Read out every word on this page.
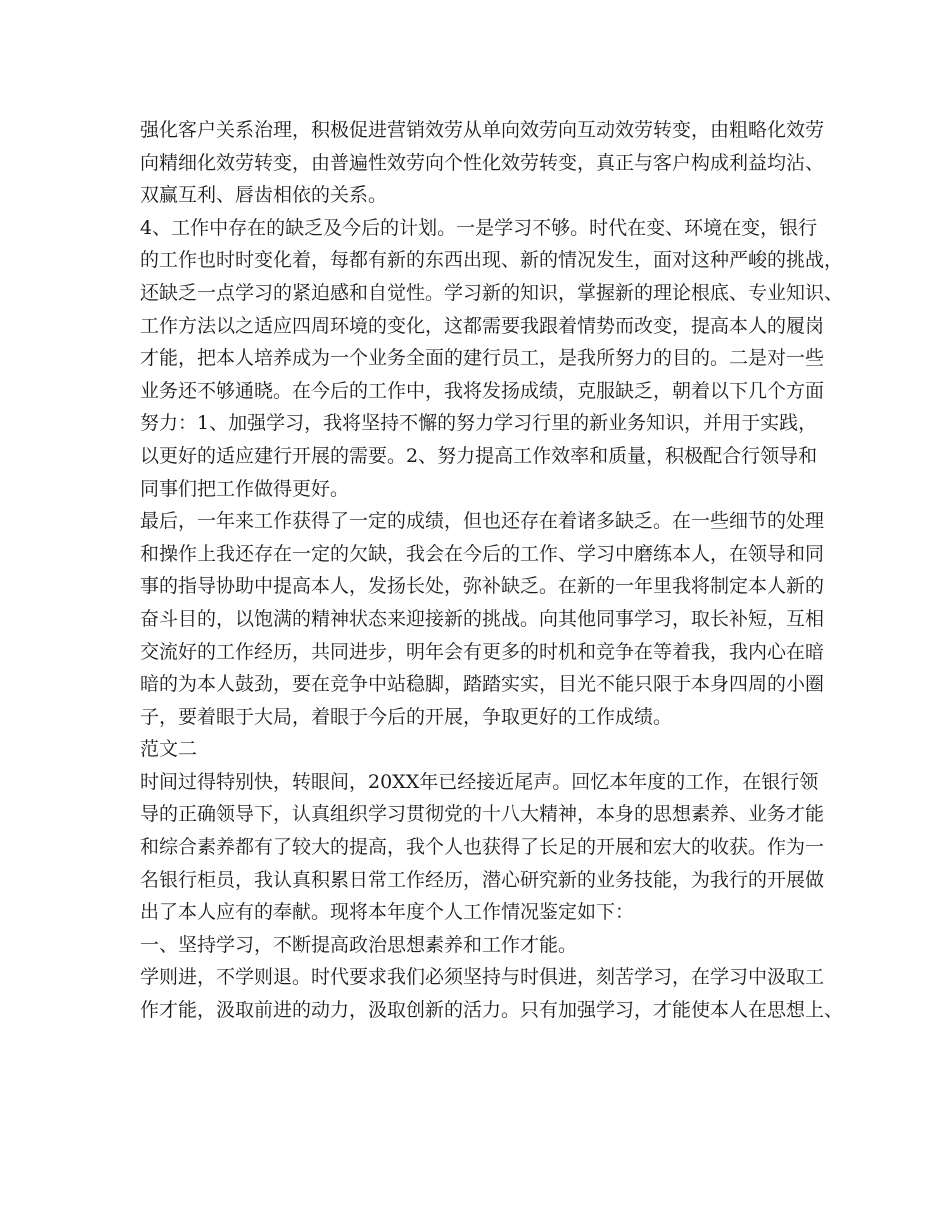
强化客户关系治理，积极促进营销效劳从单向效劳向互动效劳转变，由粗略化效劳
向精细化效劳转变，由普遍性效劳向个性化效劳转变，真正与客户构成利益均沾、
双赢互利、唇齿相依的关系。
4、工作中存在的缺乏及今后的计划。一是学习不够。时代在变、环境在变，银行
的工作也时时变化着，每都有新的东西出现、新的情况发生，面对这种严峻的挑战，
还缺乏一点学习的紧迫感和自觉性。学习新的知识，掌握新的理论根底、专业知识、
工作方法以之适应四周环境的变化，这都需要我跟着情势而改变，提高本人的履岗
才能，把本人培养成为一个业务全面的建行员工，是我所努力的目的。二是对一些
业务还不够通晓。在今后的工作中，我将发扬成绩，克服缺乏，朝着以下几个方面
努力：1、加强学习，我将坚持不懈的努力学习行里的新业务知识，并用于实践，
以更好的适应建行开展的需要。2、努力提高工作效率和质量，积极配合行领导和
同事们把工作做得更好。
最后，一年来工作获得了一定的成绩，但也还存在着诸多缺乏。在一些细节的处理
和操作上我还存在一定的欠缺，我会在今后的工作、学习中磨练本人，在领导和同
事的指导协助中提高本人，发扬长处，弥补缺乏。在新的一年里我将制定本人新的
奋斗目的，以饱满的精神状态来迎接新的挑战。向其他同事学习，取长补短，互相
交流好的工作经历，共同进步，明年会有更多的时机和竞争在等着我，我内心在暗
暗的为本人鼓劲，要在竞争中站稳脚，踏踏实实，目光不能只限于本身四周的小圈
子，要着眼于大局，着眼于今后的开展，争取更好的工作成绩。
范文二
时间过得特别快，转眼间，20XX年已经接近尾声。回忆本年度的工作，在银行领
导的正确领导下，认真组织学习贯彻党的十八大精神，本身的思想素养、业务才能
和综合素养都有了较大的提高，我个人也获得了长足的开展和宏大的收获。作为一
名银行柜员，我认真积累日常工作经历，潜心研究新的业务技能，为我行的开展做
出了本人应有的奉献。现将本年度个人工作情况鉴定如下：
一、坚持学习，不断提高政治思想素养和工作才能。
学则进，不学则退。时代要求我们必须坚持与时俱进，刻苦学习，在学习中汲取工
作才能，汲取前进的动力，汲取创新的活力。只有加强学习，才能使本人在思想上、
